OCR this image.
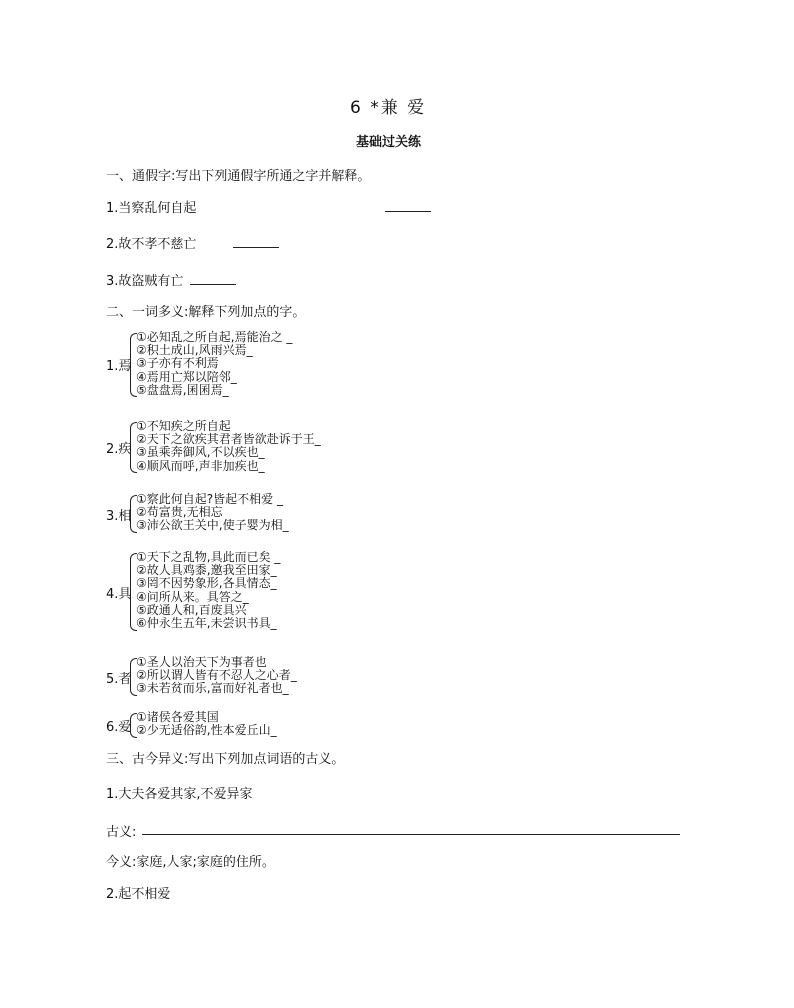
6 *兼 爱
基础过关练
一、通假字:写出下列通假字所通之字并解释。
1.当察乱何自起
2.故不孝不慈亡
3.故盗贼有亡
二、一词多义:解释下列加点的字。
1.焉
①必知乱之所自起,焉能治之 _
②积土成山,风雨兴焉_
③子亦有不利焉
④焉用亡郑以陪邻_
⑤盘盘焉,囷囷焉_
2.疾
①不知疾之所自起
②天下之欲疾其君者皆欲赴诉于王_
③虽乘奔御风,不以疾也_
④顺风而呼,声非加疾也_
3.相
①察此何自起?皆起不相爱 _
②苟富贵,无相忘
③沛公欲王关中,使子婴为相_
4.具
①天下之乱物,具此而已矣 _
②故人具鸡黍,邀我至田家_
③罔不因势象形,各具情态_
④问所从来。具答之_
⑤政通人和,百废具兴
⑥仲永生五年,未尝识书具_
5.者
①圣人以治天下为事者也
②所以谓人皆有不忍人之心者_
③未若贫而乐,富而好礼者也_
6.爱
①诸侯各爱其国
②少无适俗韵,性本爱丘山_
三、古今异义:写出下列加点词语的古义。
1.大夫各爱其家,不爱异家
古义:
今义:家庭,人家;家庭的住所。
2.起不相爱
